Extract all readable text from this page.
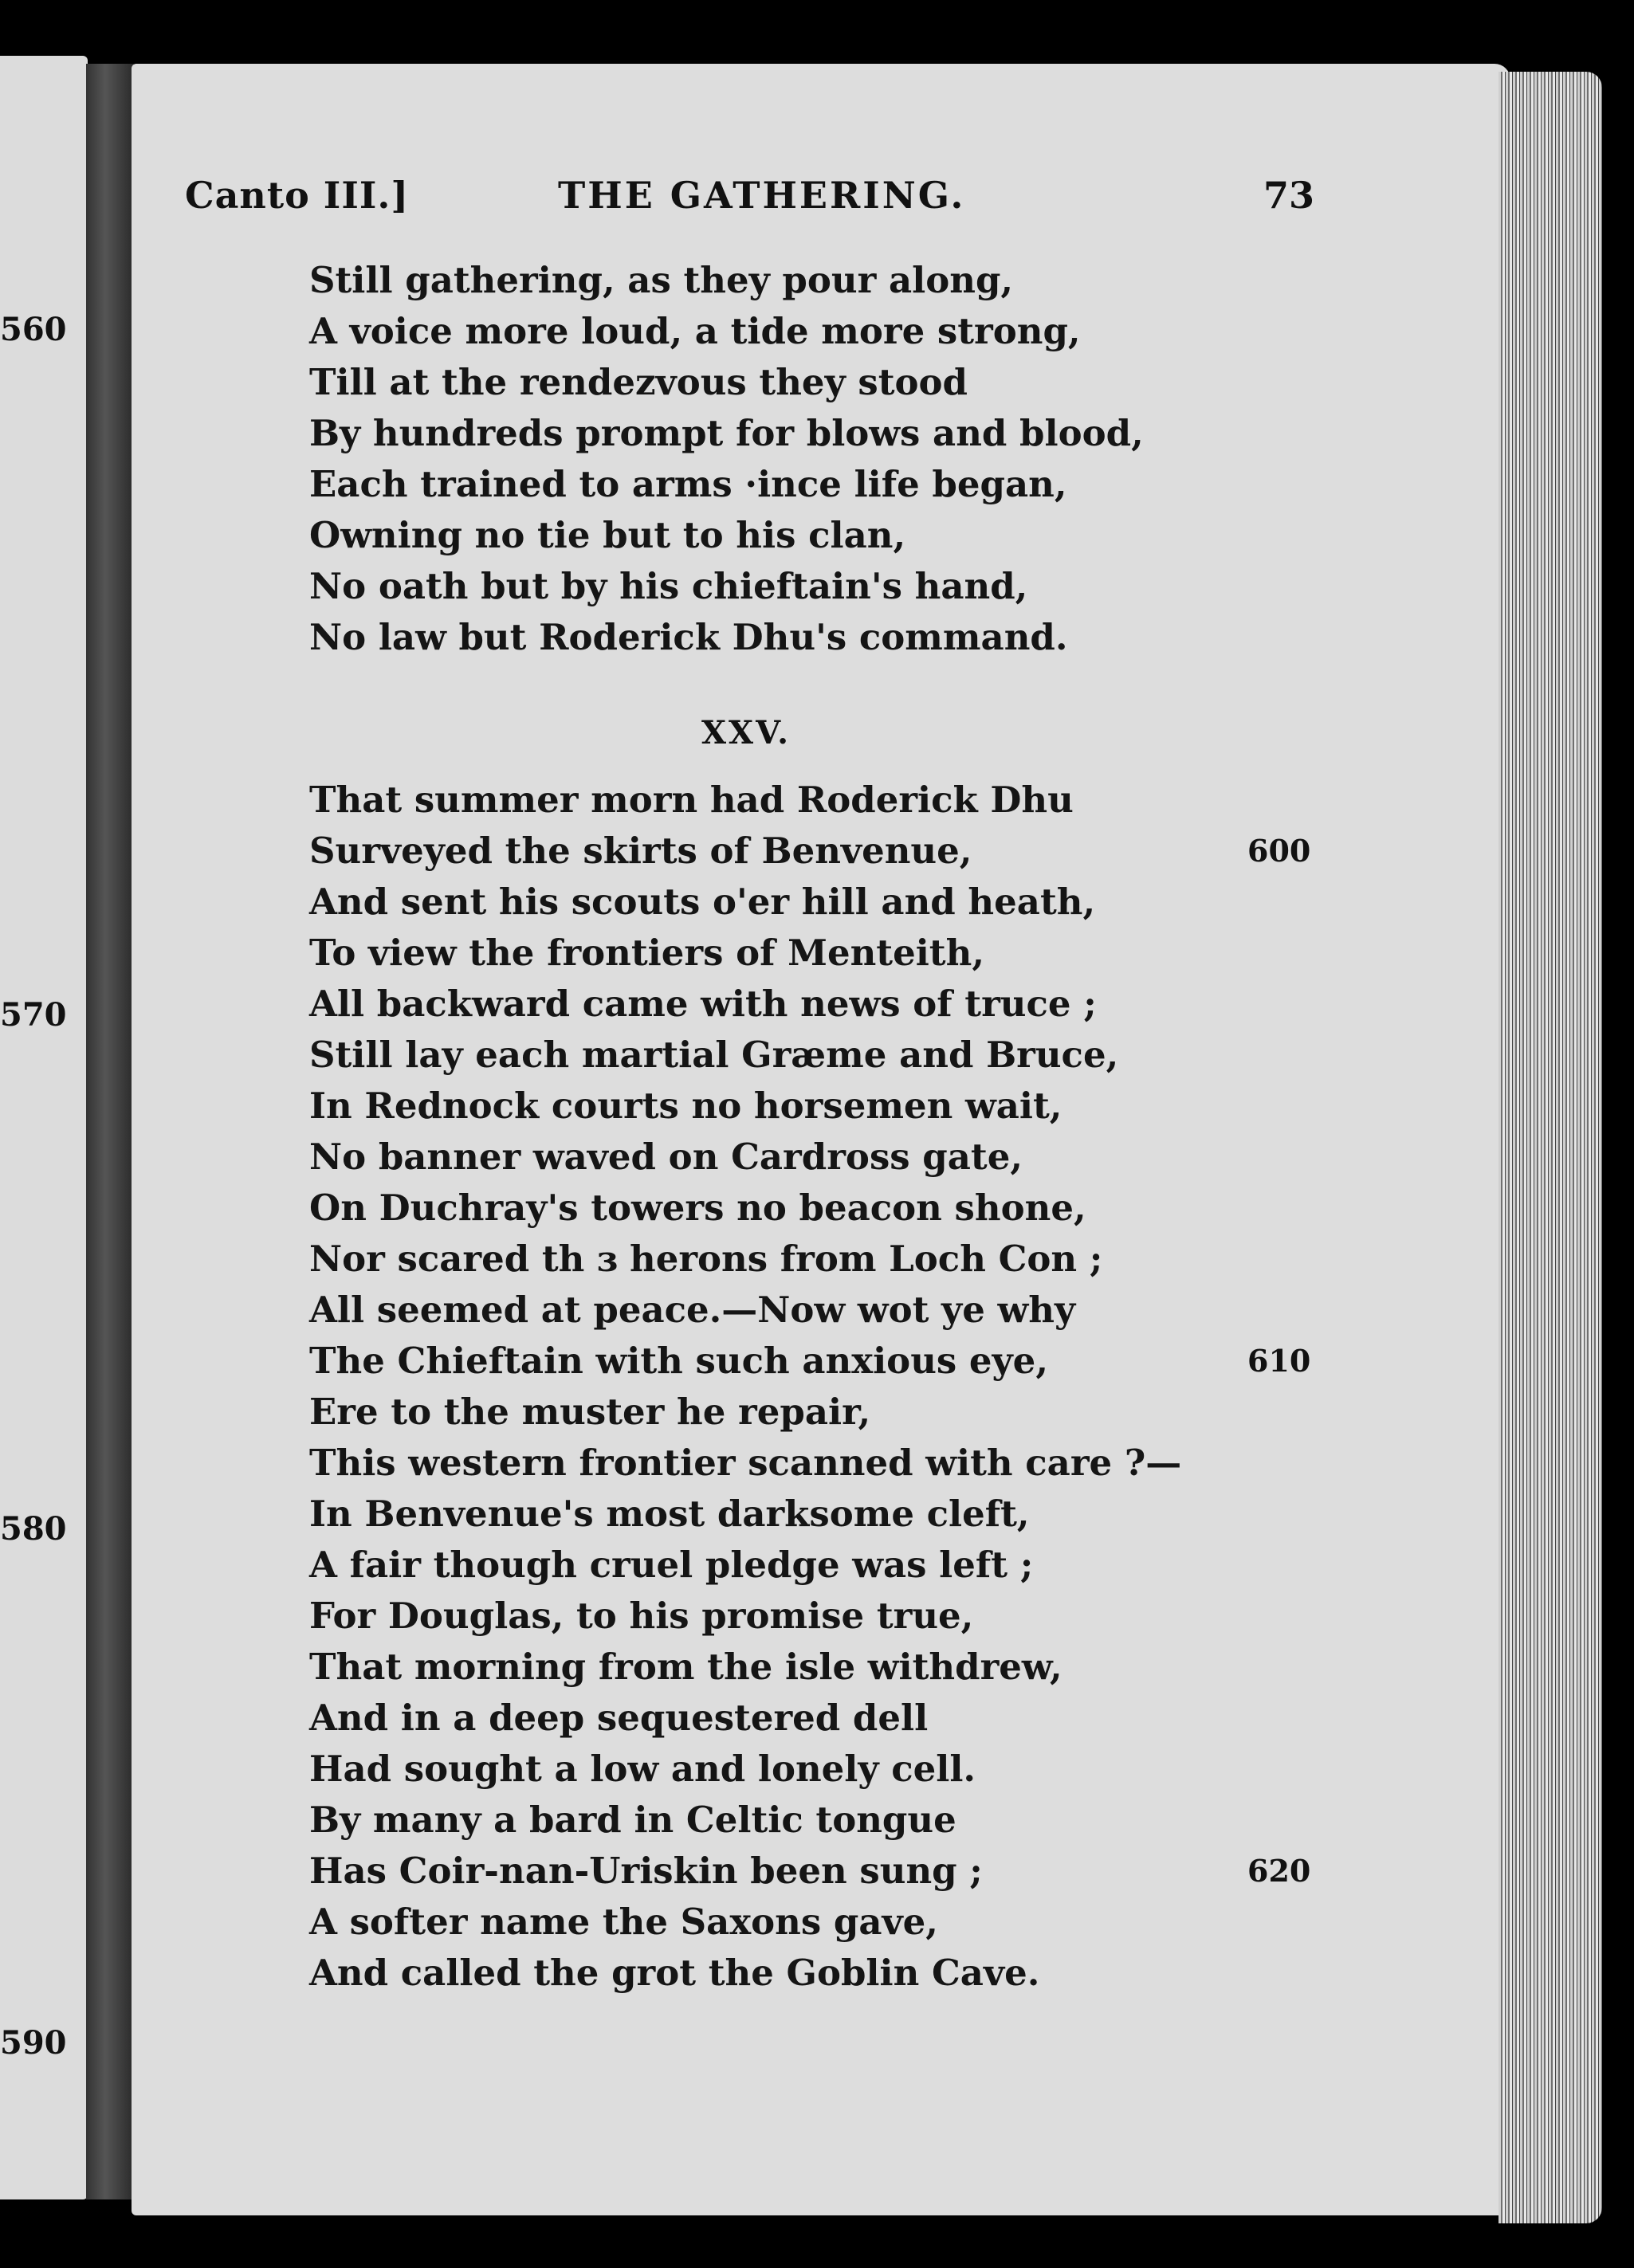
560
570
580
590
Canto III.]	THE GATHERING.	73
Still gathering, as they pour along,
A voice more loud, a tide more strong,
Till at the rendezvous they stood
By hundreds prompt for blows and blood,
Each trained to arms ·ince life began,
Owning no tie but to his clan,
No oath but by his chieftain's hand,
No law but Roderick Dhu's command.
XXV.
That summer morn had Roderick Dhu
Surveyed the skirts of Benvenue,
And sent his scouts o'er hill and heath,
To view the frontiers of Menteith,
All backward came with news of truce ;
Still lay each martial Græme and Bruce,
In Rednock courts no horsemen wait,
No banner waved on Cardross gate,
On Duchray's towers no beacon shone,
Nor scared th ɜ herons from Loch Con ;
All seemed at peace.—Now wot ye why
The Chieftain with such anxious eye,
Ere to the muster he repair,
This western frontier scanned with care ?—
In Benvenue's most darksome cleft,
A fair though cruel pledge was left ;
For Douglas, to his promise true,
That morning from the isle withdrew,
And in a deep sequestered dell
Had sought a low and lonely cell.
By many a bard in Celtic tongue
Has Coir-nan-Uriskin been sung ;
A softer name the Saxons gave,
And called the grot the Goblin Cave.
600
610
620
